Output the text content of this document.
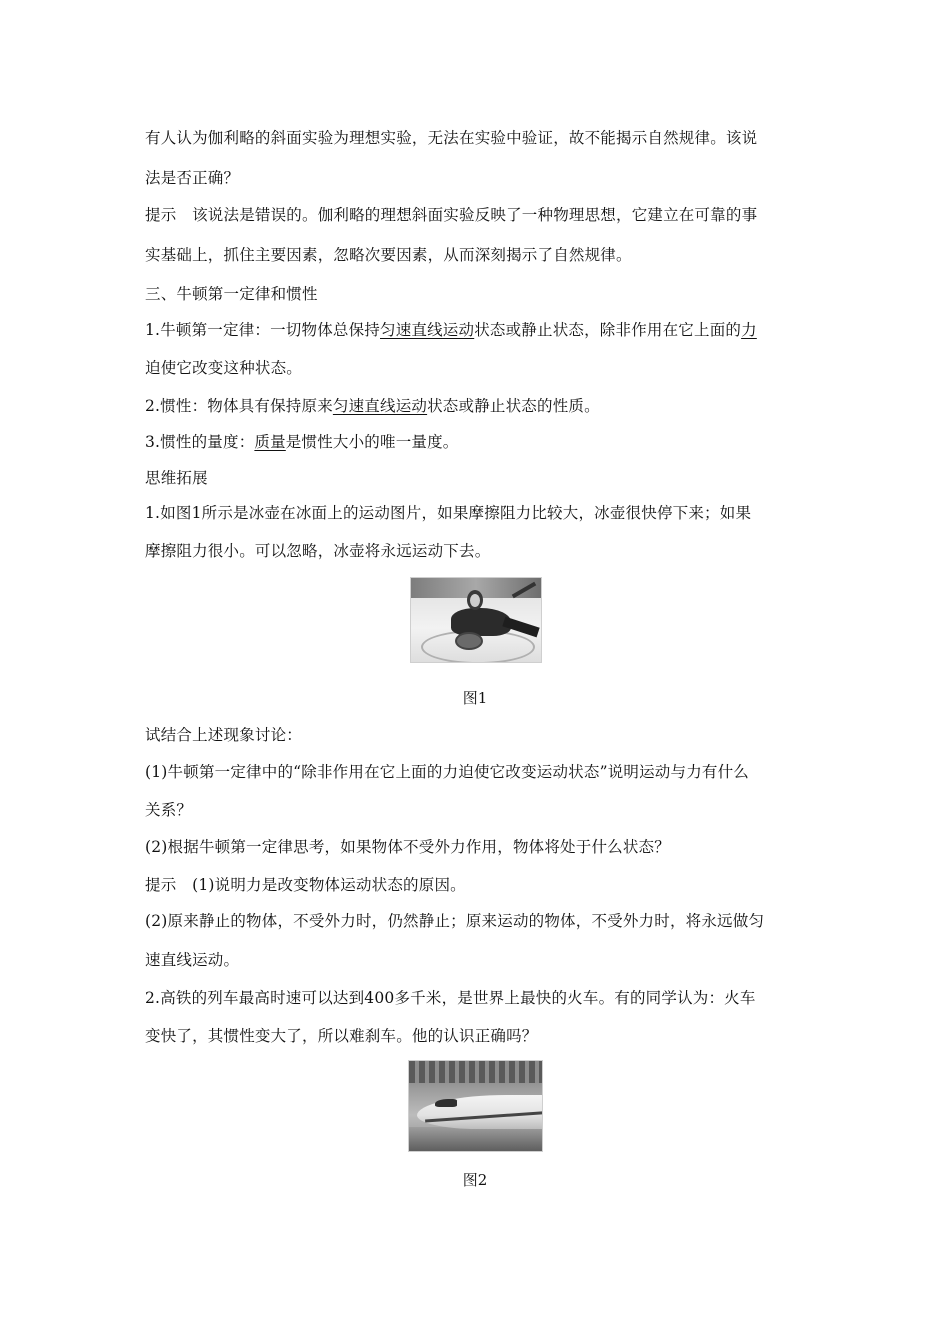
有人认为伽利略的斜面实验为理想实验，无法在实验中验证，故不能揭示自然规律。该说
法是否正确？
提示　该说法是错误的。伽利略的理想斜面实验反映了一种物理思想，它建立在可靠的事
实基础上，抓住主要因素，忽略次要因素，从而深刻揭示了自然规律。
三、牛顿第一定律和惯性
1.牛顿第一定律：一切物体总保持匀速直线运动状态或静止状态，除非作用在它上面的力
迫使它改变这种状态。
2.惯性：物体具有保持原来匀速直线运动状态或静止状态的性质。
3.惯性的量度：质量是惯性大小的唯一量度。
思维拓展
1.如图1所示是冰壶在冰面上的运动图片，如果摩擦阻力比较大，冰壶很快停下来；如果
摩擦阻力很小。可以忽略，冰壶将永远运动下去。
图1
试结合上述现象讨论：
(1)牛顿第一定律中的“除非作用在它上面的力迫使它改变运动状态”说明运动与力有什么
关系？
(2)根据牛顿第一定律思考，如果物体不受外力作用，物体将处于什么状态？
提示　(1)说明力是改变物体运动状态的原因。
(2)原来静止的物体，不受外力时，仍然静止；原来运动的物体，不受外力时，将永远做匀
速直线运动。
2.高铁的列车最高时速可以达到400多千米，是世界上最快的火车。有的同学认为：火车
变快了，其惯性变大了，所以难刹车。他的认识正确吗？
图2
